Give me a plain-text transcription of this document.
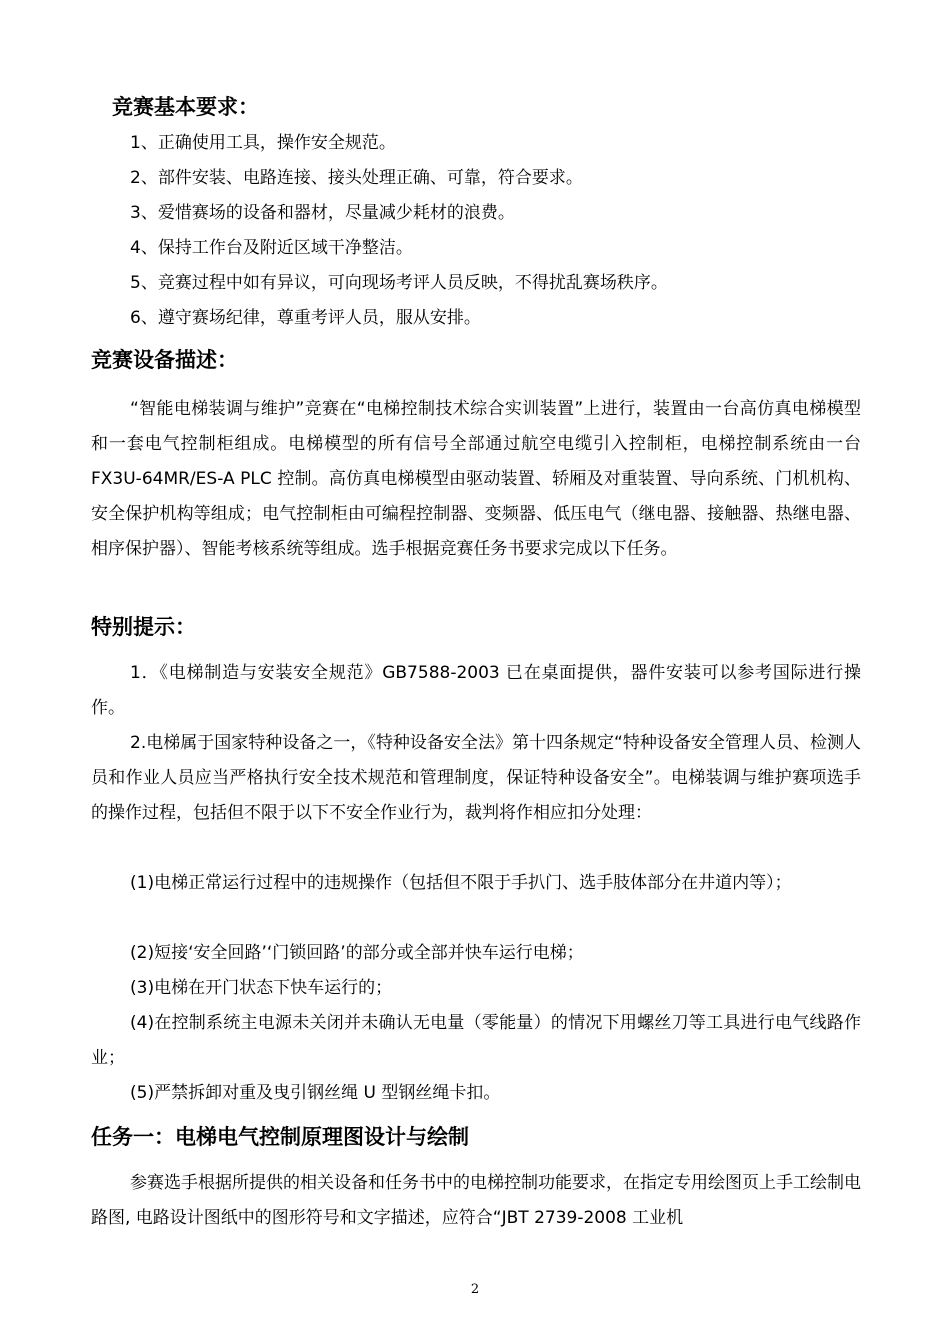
竞赛基本要求：
1、正确使用工具，操作安全规范。
2、部件安装、电路连接、接头处理正确、可靠，符合要求。
3、爱惜赛场的设备和器材，尽量减少耗材的浪费。
4、保持工作台及附近区域干净整洁。
5、竞赛过程中如有异议，可向现场考评人员反映，不得扰乱赛场秩序。
6、遵守赛场纪律，尊重考评人员，服从安排。
竞赛设备描述：

“智能电梯装调与维护”竞赛在“电梯控制技术综合实训装置”上进行，装置由一台高仿真电梯模型和一套电气控制柜组成。电梯模型的所有信号全部通过航空电缆引入控制柜，电梯控制系统由一台 FX3U-64MR/ES-A PLC 控制。高仿真电梯模型由驱动装置、轿厢及对重装置、导向系统、门机机构、安全保护机构等组成；电气控制柜由可编程控制器、变频器、低压电气（继电器、接触器、热继电器、相序保护器）、智能考核系统等组成。选手根据竞赛任务书要求完成以下任务。

特别提示：

1．《电梯制造与安装安全规范》GB7588-2003 已在桌面提供，器件安装可以参考国际进行操作。

2.电梯属于国家特种设备之一，《特种设备安全法》第十四条规定“特种设备安全管理人员、检测人员和作业人员应当严格执行安全技术规范和管理制度，保证特种设备安全”。电梯装调与维护赛项选手的操作过程，包括但不限于以下不安全作业行为，裁判将作相应扣分处理：

(1)电梯正常运行过程中的违规操作（包括但不限于手扒门、选手肢体部分在井道内等）；

(2)短接‘安全回路’‘门锁回路’的部分或全部并快车运行电梯；

(3)电梯在开门状态下快车运行的；

(4)在控制系统主电源未关闭并未确认无电量（零能量）的情况下用螺丝刀等工具进行电气线路作业；

(5)严禁拆卸对重及曳引钢丝绳 U 型钢丝绳卡扣。

任务一：电梯电气控制原理图设计与绘制

参赛选手根据所提供的相关设备和任务书中的电梯控制功能要求，在指定专用绘图页上手工绘制电路图, 电路设计图纸中的图形符号和文字描述，应符合“JBT 2739-2008 工业机

2
